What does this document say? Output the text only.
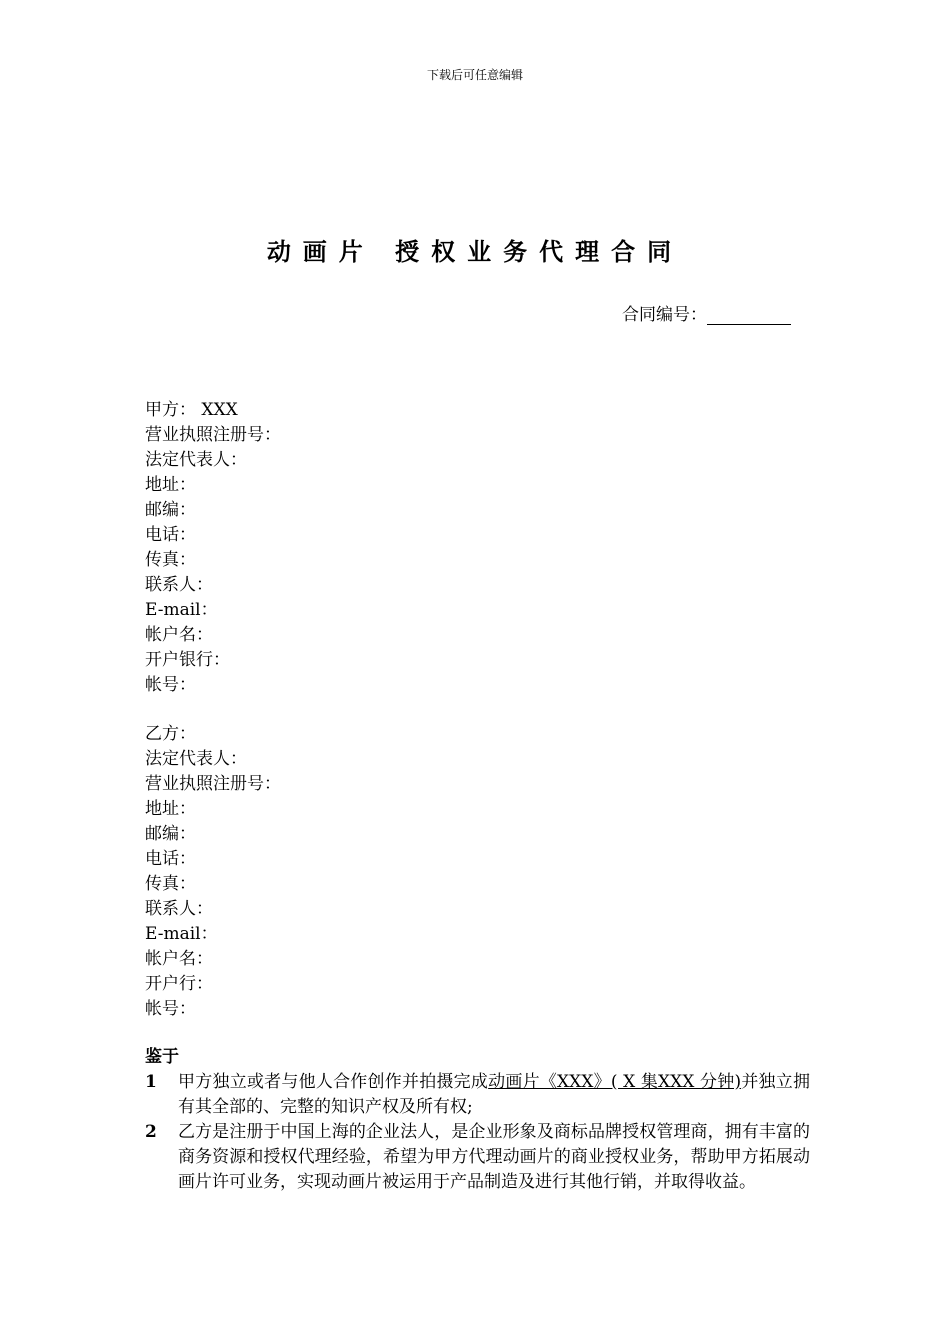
下载后可任意编辑
动画片 授权业务代理合同
合同编号：
甲方： XXX
营业执照注册号：
法定代表人：
地址：
邮编：
电话：
传真：
联系人：
E-mail：
帐户名：
开户银行：
帐号：
乙方：
法定代表人：
营业执照注册号：
地址：
邮编：
电话：
传真：
联系人：
E-mail：
帐户名：
开户行：
帐号：
鉴于
1 甲方独立或者与他人合作创作并拍摄完成动画片《XXX》( X 集XXX 分钟)并独立拥有其全部的、完整的知识产权及所有权;
2 乙方是注册于中国上海的企业法人，是企业形象及商标品牌授权管理商，拥有丰富的商务资源和授权代理经验，希望为甲方代理动画片的商业授权业务，帮助甲方拓展动画片许可业务，实现动画片被运用于产品制造及进行其他行销，并取得收益。
